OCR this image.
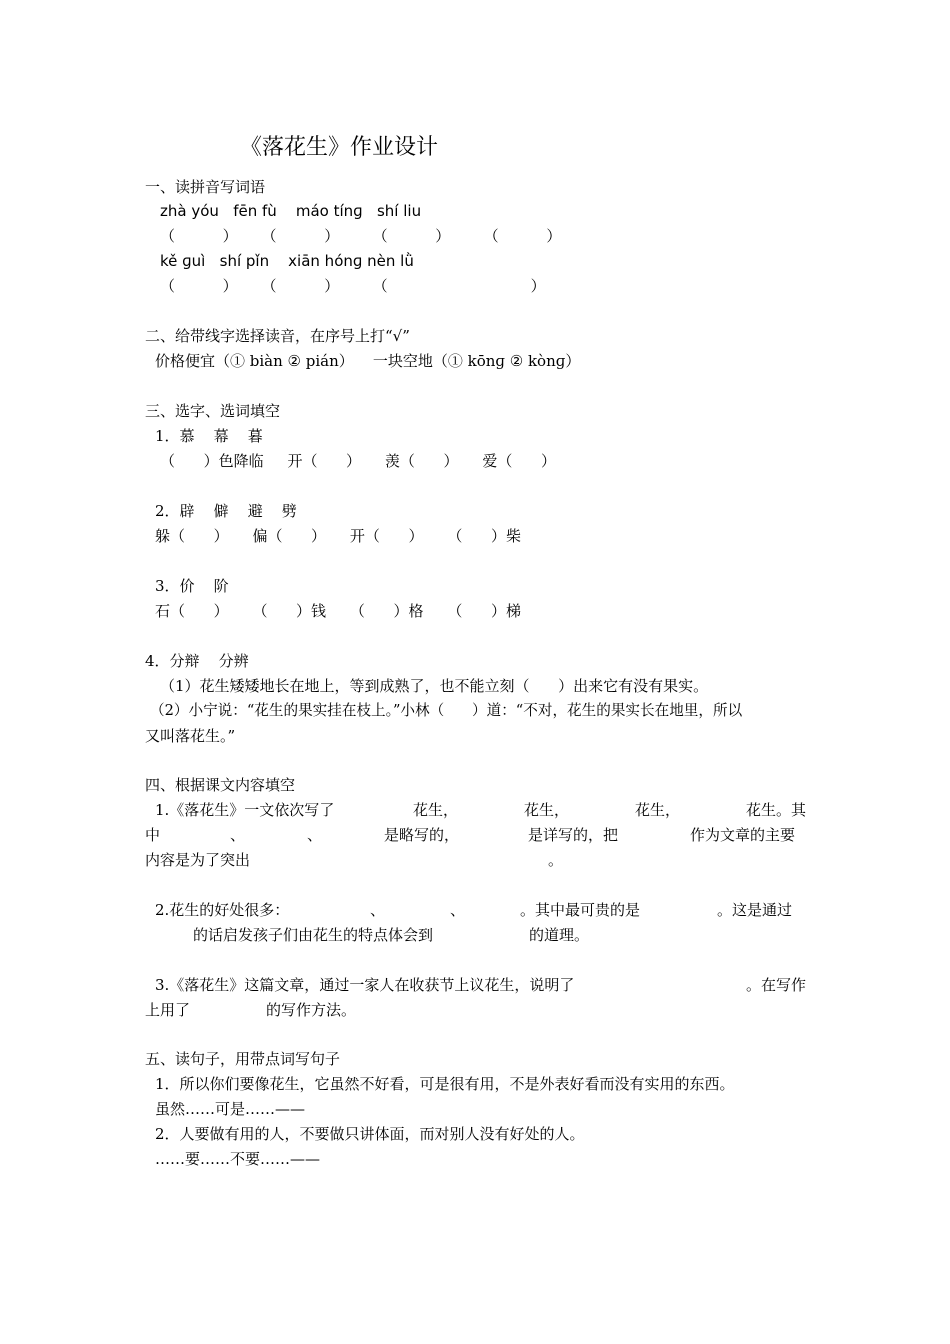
《落花生》作业设计
一、读拼音写词语
zhà yóu   fēn fù    máo tínɡ   shí liu
（          ）     （          ）       （          ）       （          ）
kě ɡuì   shí pǐn    xiān hónɡ nèn lǜ
（          ）     （          ）       （                              ）
二、给带线字选择读音，在序号上打“√”
价格便宜（① biàn ② pián）    一块空地（① kōnɡ ② kònɡ）
三、选字、选词填空
1．慕    幕    暮
（      ）色降临     开（      ）     羡（      ）     爱（      ）
2．辟    僻    避    劈
躲（      ）     偏（      ）     开（      ）     （      ）柴
3．价    阶
石（      ）     （      ）钱     （      ）格     （      ）梯
4．分辩    分辨
（1）花生矮矮地长在地上，等到成熟了，也不能立刻（      ）出来它有没有果实。
（2）小宁说：“花生的果实挂在枝上。”小林（      ）道：“不对，花生的果实长在地里，所以
又叫落花生。”
四、根据课文内容填空
1.《落花生》一文依次写了	花生，	花生，	花生，	花生。其
中	、	、	是略写的，	是详写的，把	作为文章的主要
内容是为了突出	。
2.花生的好处很多：	、	、	。其中最可贵的是	。这是通过
的话启发孩子们由花生的特点体会到	的道理。
3.《落花生》这篇文章，通过一家人在收获节上议花生，说明了	。在写作
上用了	的写作方法。
五、读句子，用带点词写句子
1．所以你们要像花生，它虽然不好看，可是很有用，不是外表好看而没有实用的东西。
虽然……可是……——
2．人要做有用的人，不要做只讲体面，而对别人没有好处的人。
……要……不要……——
